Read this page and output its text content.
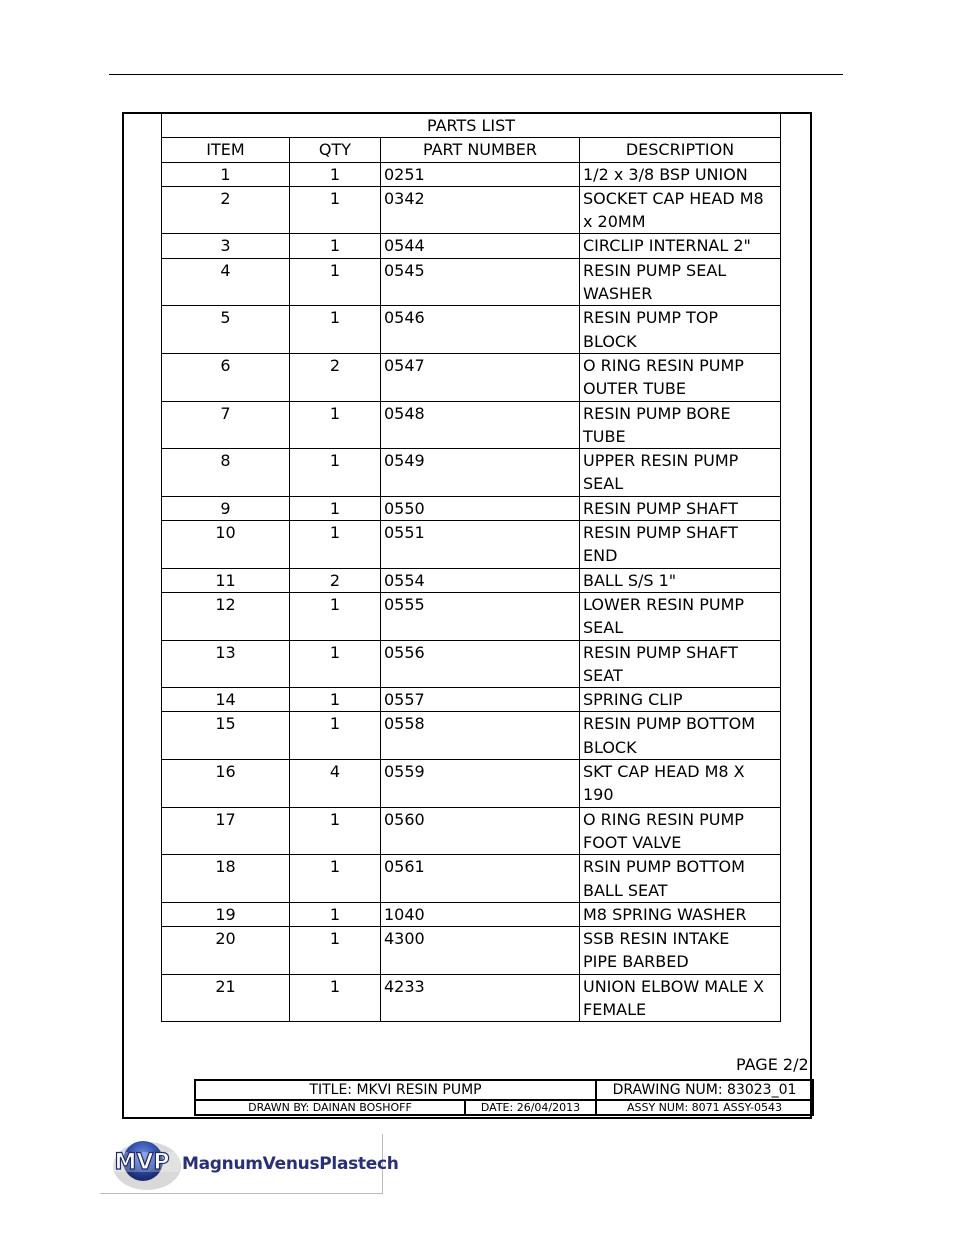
PARTS LIST			
ITEM	QTY	PART NUMBER	DESCRIPTION
1	1	0251	1/2 x 3/8 BSP UNION

2	1	0342	SOCKET CAP HEAD M8
x 20MM

3	1	0544	CIRCLIP INTERNAL 2"

4	1	0545	RESIN PUMP SEAL
WASHER

5	1	0546	RESIN PUMP TOP
BLOCK

6	2	0547	O RING RESIN PUMP
OUTER TUBE

7	1	0548	RESIN PUMP BORE
TUBE

8	1	0549	UPPER RESIN PUMP
SEAL

9	1	0550	RESIN PUMP SHAFT

10	1	0551	RESIN PUMP SHAFT
END

11	2	0554	BALL S/S 1"

12	1	0555	LOWER RESIN PUMP
SEAL

13	1	0556	RESIN PUMP SHAFT
SEAT

14	1	0557	SPRING CLIP

15	1	0558	RESIN PUMP BOTTOM
BLOCK

16	4	0559	SKT CAP HEAD M8 X
190

17	1	0560	O RING RESIN PUMP
FOOT VALVE

18	1	0561	RSIN PUMP BOTTOM
BALL SEAT

19	1	1040	M8 SPRING WASHER

20	1	4300	SSB RESIN INTAKE
PIPE BARBED

21	1	4233	UNION ELBOW MALE X
FEMALE
PAGE 2/2
TITLE: MKVI RESIN PUMP		DRAWING NUM: 83023_01
DRAWN BY: DAINAN BOSHOFF	DATE: 26/04/2013	ASSY NUM: 8071 ASSY-0543
MVP MagnumVenusPlastech
